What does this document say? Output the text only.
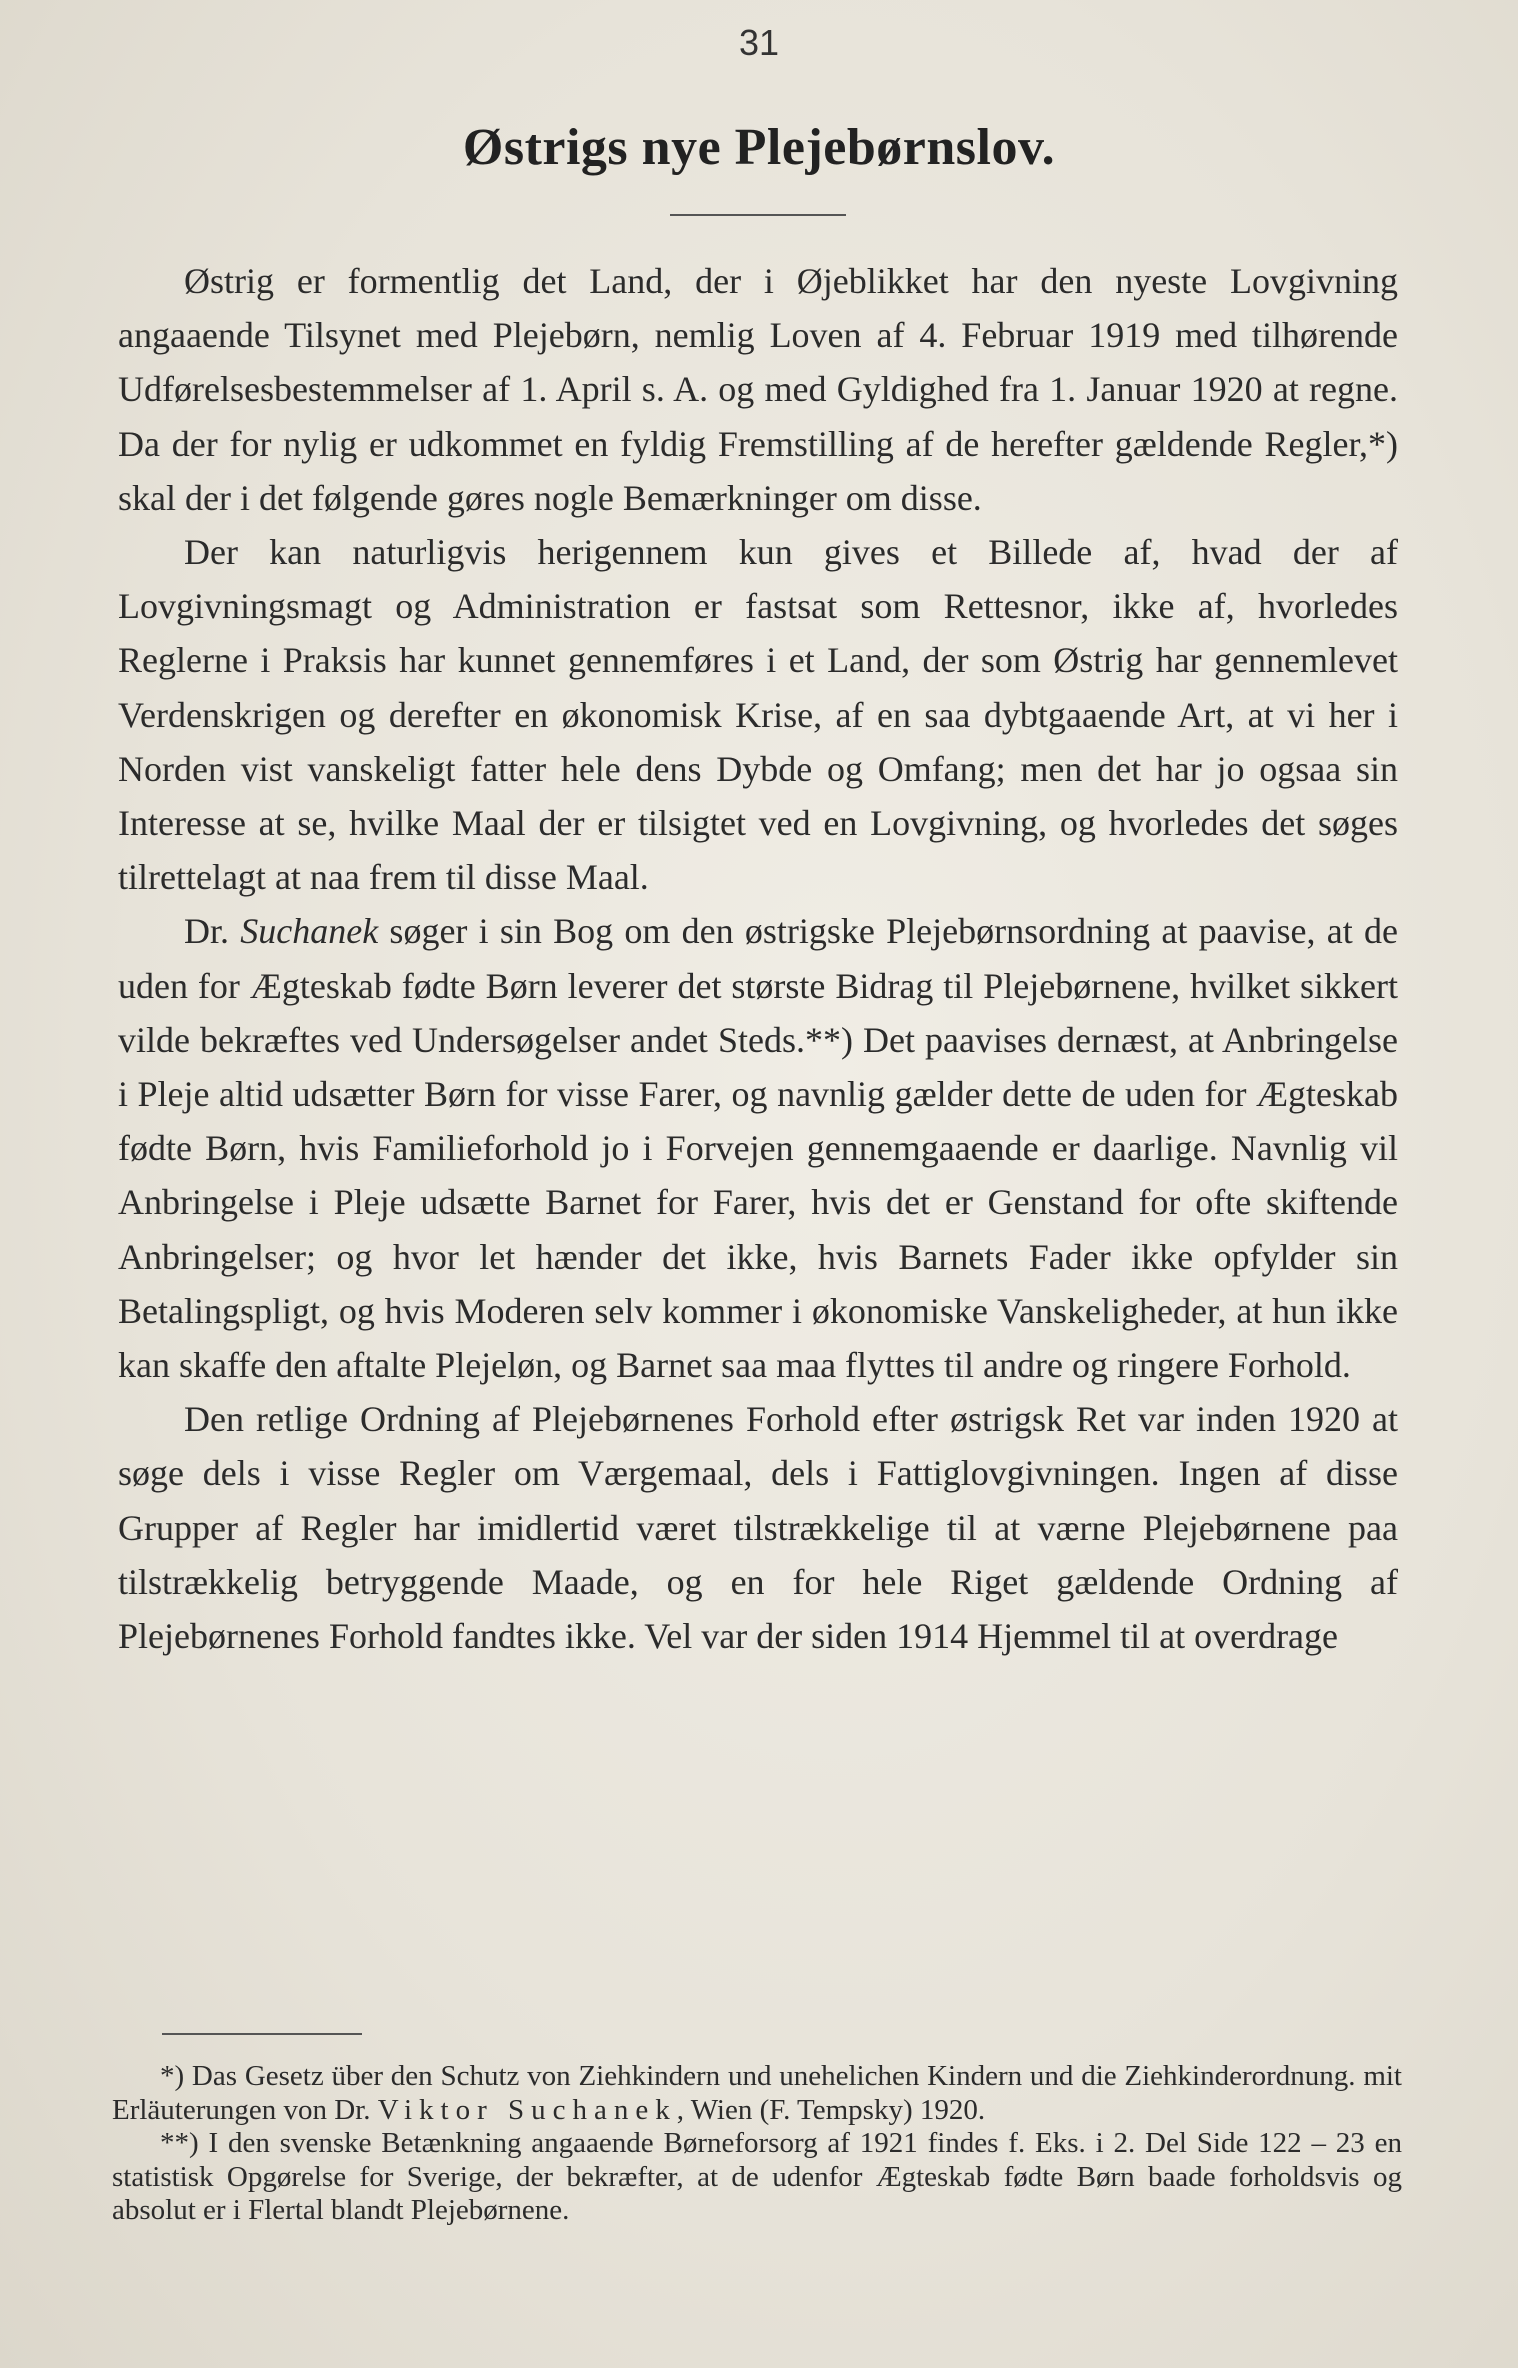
31
Østrigs nye Plejebørnslov.

Østrig er formentlig det Land, der i Øjeblikket har den nyeste Lovgivning angaaende Tilsynet med Plejebørn, nemlig Loven af 4. Februar 1919 med tilhørende Udførelsesbestemmelser af 1. April s. A. og med Gyldighed fra 1. Januar 1920 at regne. Da der for nylig er udkommet en fyldig Fremstilling af de herefter gældende Regler,*) skal der i det følgende gøres nogle Bemærkninger om disse.

Der kan naturligvis herigennem kun gives et Billede af, hvad der af Lovgivningsmagt og Administration er fastsat som Rettesnor, ikke af, hvorledes Reglerne i Praksis har kunnet gennemføres i et Land, der som Østrig har gennemlevet Verdenskrigen og derefter en økonomisk Krise, af en saa dybtgaaende Art, at vi her i Norden vist vanskeligt fatter hele dens Dybde og Omfang; men det har jo ogsaa sin Interesse at se, hvilke Maal der er tilsigtet ved en Lovgivning, og hvorledes det søges tilrettelagt at naa frem til disse Maal.

Dr. Suchanek søger i sin Bog om den østrigske Plejebørnsordning at paavise, at de uden for Ægteskab fødte Børn leverer det største Bidrag til Plejebørnene, hvilket sikkert vilde bekræftes ved Undersøgelser andet Steds.**) Det paavises dernæst, at Anbringelse i Pleje altid udsætter Børn for visse Farer, og navnlig gælder dette de uden for Ægteskab fødte Børn, hvis Familieforhold jo i Forvejen gennemgaaende er daarlige. Navnlig vil Anbringelse i Pleje udsætte Barnet for Farer, hvis det er Genstand for ofte skiftende Anbringelser; og hvor let hænder det ikke, hvis Barnets Fader ikke opfylder sin Betalingspligt, og hvis Moderen selv kommer i økonomiske Vanskeligheder, at hun ikke kan skaffe den aftalte Plejeløn, og Barnet saa maa flyttes til andre og ringere Forhold.

Den retlige Ordning af Plejebørnenes Forhold efter østrigsk Ret var inden 1920 at søge dels i visse Regler om Værgemaal, dels i Fattiglovgivningen. Ingen af disse Grupper af Regler har imidlertid været tilstrækkelige til at værne Plejebørnene paa tilstrækkelig betryggende Maade, og en for hele Riget gældende Ordning af Plejebørnenes Forhold fandtes ikke. Vel var der siden 1914 Hjemmel til at overdrage

*) Das Gesetz über den Schutz von Ziehkindern und unehelichen Kindern und die Ziehkinderordnung. mit Erläuterungen von Dr. Viktor Suchanek, Wien (F. Tempsky) 1920.

**) I den svenske Betænkning angaaende Børneforsorg af 1921 findes f. Eks. i 2. Del Side 122 – 23 en statistisk Opgørelse for Sverige, der bekræfter, at de udenfor Ægteskab fødte Børn baade forholdsvis og absolut er i Flertal blandt Plejebørnene.
